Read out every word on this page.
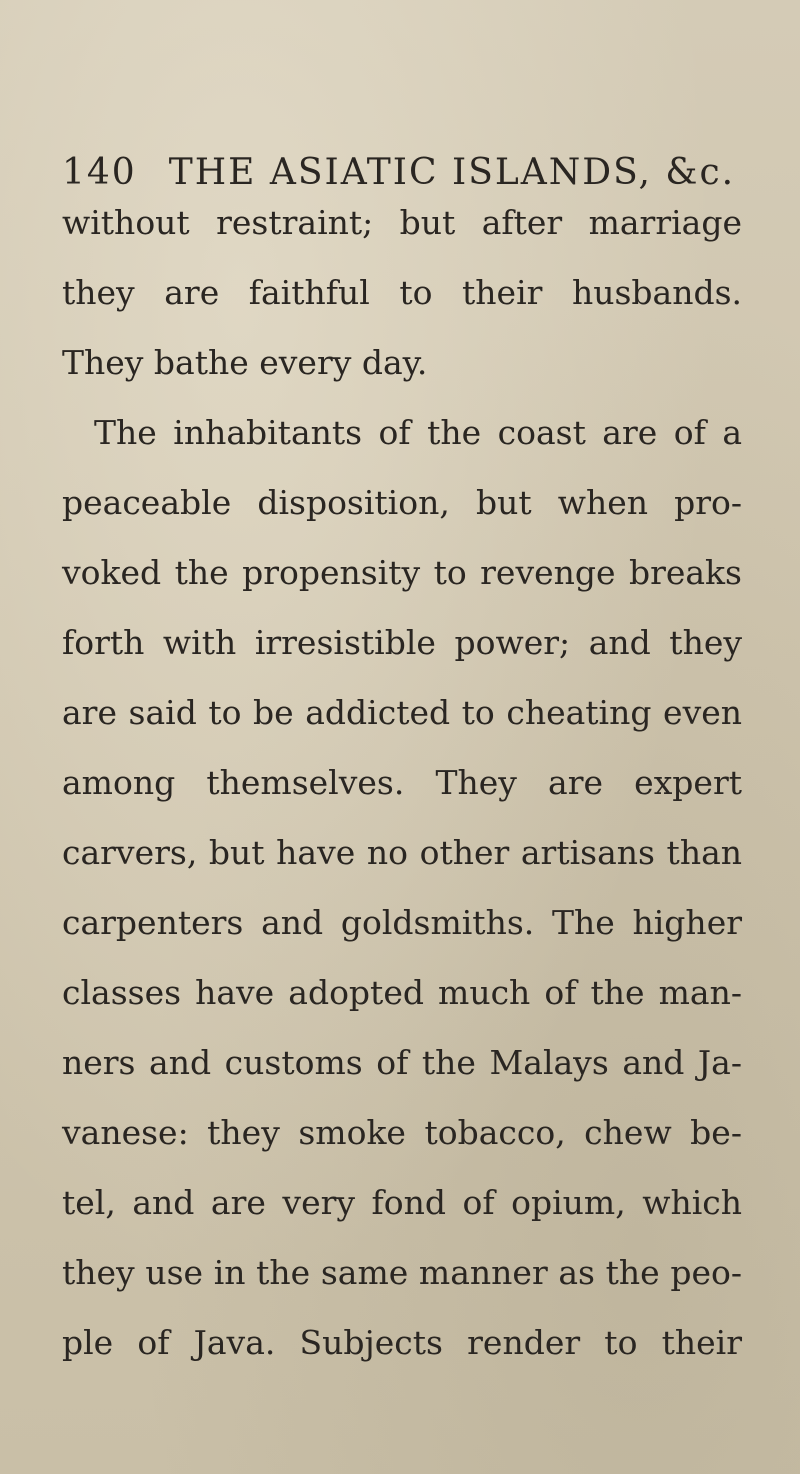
140 THE ASIATIC ISLANDS, &c.
without restraint; but after marriage
they are faithful to their husbands.
They bathe every day.
The inhabitants of the coast are of a
peaceable disposition, but when pro-
voked the propensity to revenge breaks
forth with irresistible power; and they
are said to be addicted to cheating even
among themselves. They are expert
carvers, but have no other artisans than
carpenters and goldsmiths. The higher
classes have adopted much of the man-
ners and customs of the Malays and Ja-
vanese: they smoke tobacco, chew be-
tel, and are very fond of opium, which
they use in the same manner as the peo-
ple of Java. Subjects render to their
